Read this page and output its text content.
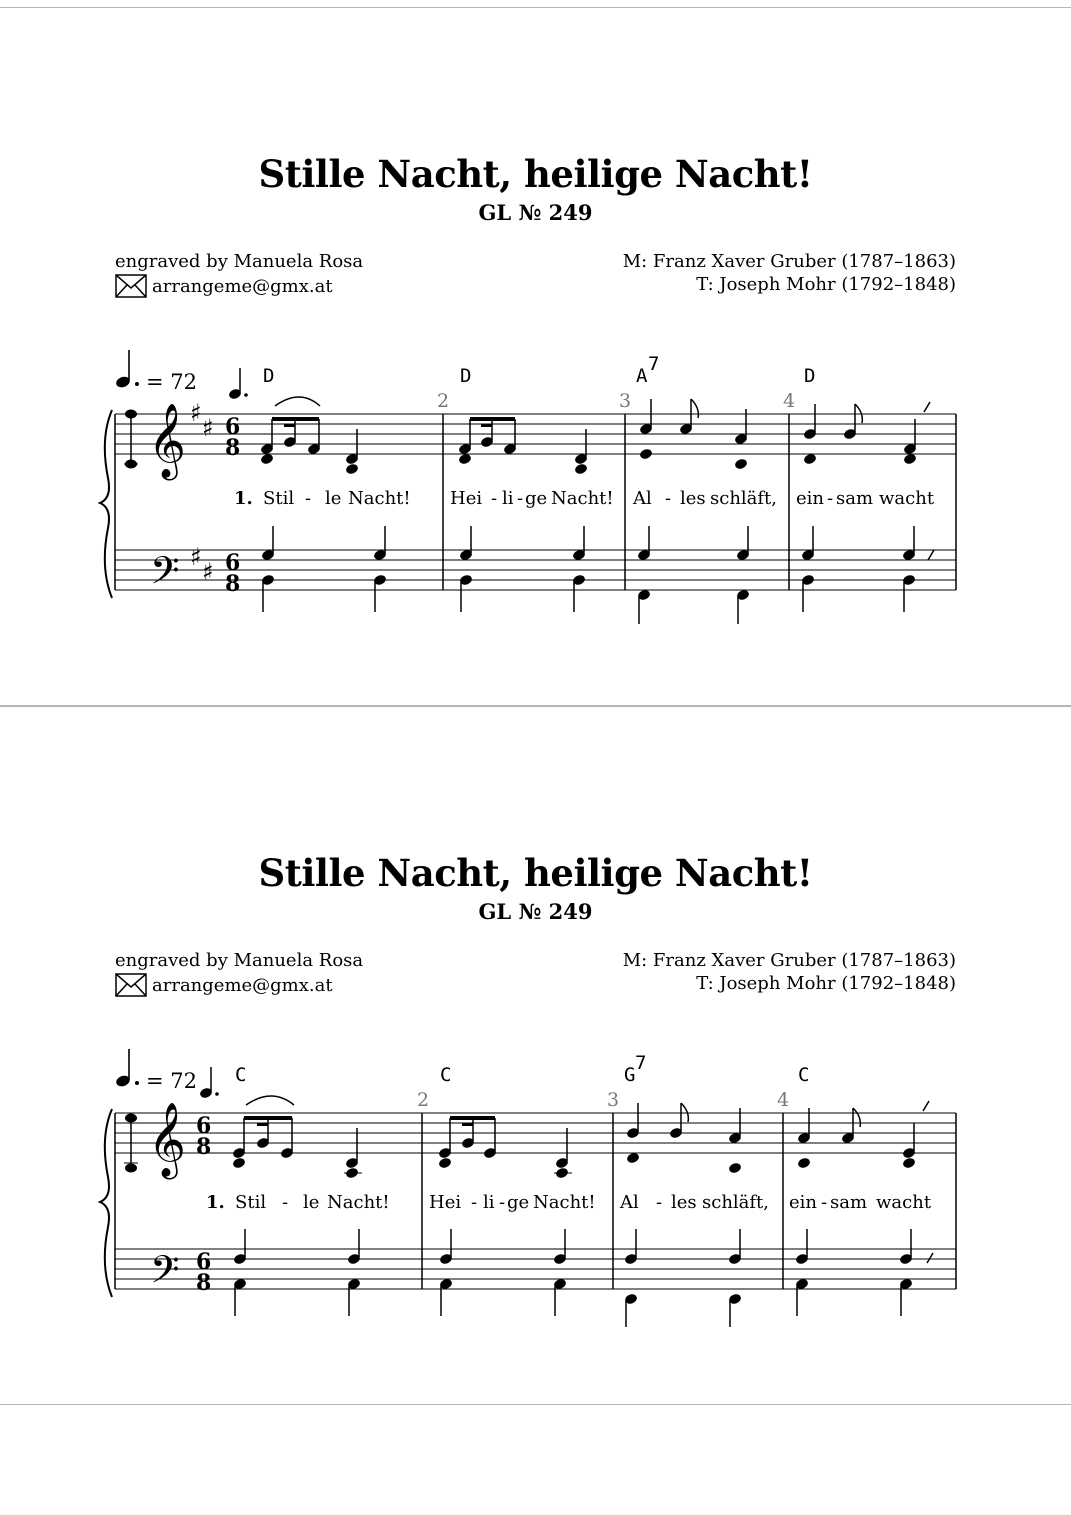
Stille Nacht, heilige Nacht!
GL № 249
engraved by Manuela Rosa
arrangeme@gmx.at
M: Franz Xaver Gruber (1787–1863)
T: Joseph Mohr (1792–1848)
= 72	D	D	A
7
D
2	3	4
𝄞 ♯
♯ 6
8
1. Stil - le Nacht! Hei - li - ge Nacht! Al - les schläft, ein - sam wacht
𝄢 ♯
♯ 6
8
Stille Nacht, heilige Nacht!
GL № 249
engraved by Manuela Rosa
arrangeme@gmx.at
M: Franz Xaver Gruber (1787–1863)
T: Joseph Mohr (1792–1848)
= 72 C	C	G
7
C
2	3	4
𝄞 6
8
1. Stil - le Nacht! Hei - li - ge Nacht! Al - les schläft, ein - sam wacht
𝄢 6
8
